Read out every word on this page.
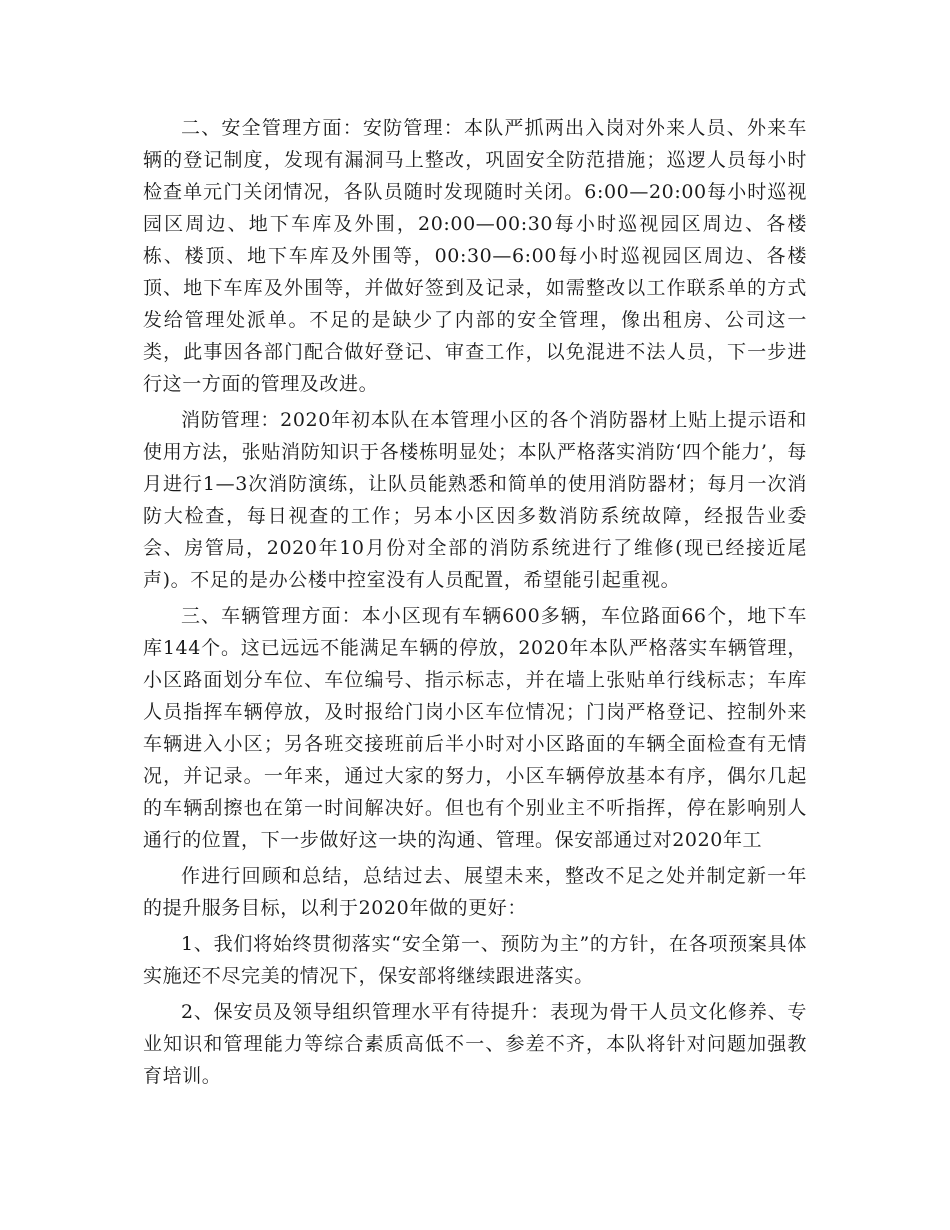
二、安全管理方面：安防管理：本队严抓两出入岗对外来人员、外来车辆的登记制度，发现有漏洞马上整改，巩固安全防范措施；巡逻人员每小时检查单元门关闭情况，各队员随时发现随时关闭。6:00—20:00每小时巡视园区周边、地下车库及外围，20:00—00:30每小时巡视园区周边、各楼栋、楼顶、地下车库及外围等，00:30—6:00每小时巡视园区周边、各楼顶、地下车库及外围等，并做好签到及记录，如需整改以工作联系单的方式发给管理处派单。不足的是缺少了内部的安全管理，像出租房、公司这一类，此事因各部门配合做好登记、审查工作，以免混进不法人员，下一步进行这一方面的管理及改进。

消防管理：2020年初本队在本管理小区的各个消防器材上贴上提示语和使用方法，张贴消防知识于各楼栋明显处；本队严格落实消防‘四个能力’，每月进行1—3次消防演练，让队员能熟悉和简单的使用消防器材；每月一次消防大检查，每日视查的工作；另本小区因多数消防系统故障，经报告业委会、房管局，2020年10月份对全部的消防系统进行了维修(现已经接近尾声)。不足的是办公楼中控室没有人员配置，希望能引起重视。

三、车辆管理方面：本小区现有车辆600多辆，车位路面66个，地下车库144个。这已远远不能满足车辆的停放，2020年本队严格落实车辆管理，小区路面划分车位、车位编号、指示标志，并在墙上张贴单行线标志；车库人员指挥车辆停放，及时报给门岗小区车位情况；门岗严格登记、控制外来车辆进入小区；另各班交接班前后半小时对小区路面的车辆全面检查有无情况，并记录。一年来，通过大家的努力，小区车辆停放基本有序，偶尔几起的车辆刮擦也在第一时间解决好。但也有个别业主不听指挥，停在影响别人通行的位置，下一步做好这一块的沟通、管理。保安部通过对2020年工

作进行回顾和总结，总结过去、展望未来，整改不足之处并制定新一年的提升服务目标，以利于2020年做的更好：

1、我们将始终贯彻落实“安全第一、预防为主”的方针，在各项预案具体实施还不尽完美的情况下，保安部将继续跟进落实。

2、保安员及领导组织管理水平有待提升：表现为骨干人员文化修养、专业知识和管理能力等综合素质高低不一、参差不齐，本队将针对问题加强教育培训。
